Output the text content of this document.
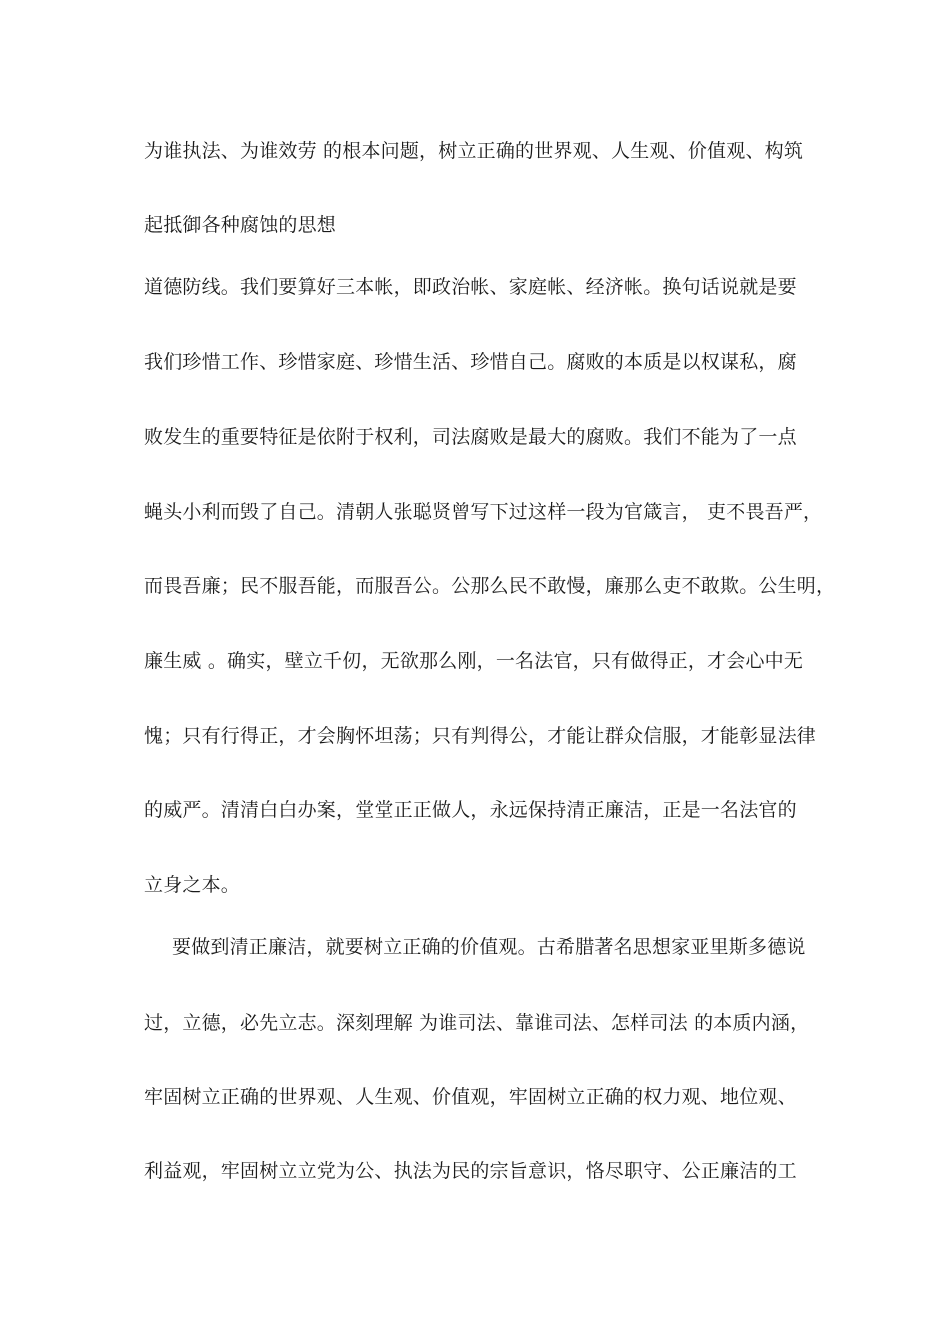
为谁执法、为谁效劳 的根本问题，树立正确的世界观、人生观、价值观、构筑
起抵御各种腐蚀的思想
道德防线。我们要算好三本帐，即政治帐、家庭帐、经济帐。换句话说就是要
我们珍惜工作、珍惜家庭、珍惜生活、珍惜自己。腐败的本质是以权谋私，腐
败发生的重要特征是依附于权利，司法腐败是最大的腐败。我们不能为了一点
蝇头小利而毁了自己。清朝人张聪贤曾写下过这样一段为官箴言， 吏不畏吾严，
而畏吾廉；民不服吾能，而服吾公。公那么民不敢慢，廉那么吏不敢欺。公生明，
廉生威 。确实，壁立千仞，无欲那么刚，一名法官，只有做得正，才会心中无
愧；只有行得正，才会胸怀坦荡；只有判得公，才能让群众信服，才能彰显法律
的威严。清清白白办案，堂堂正正做人，永远保持清正廉洁，正是一名法官的
立身之本。
要做到清正廉洁，就要树立正确的价值观。古希腊著名思想家亚里斯多德说
过，立德，必先立志。深刻理解 为谁司法、靠谁司法、怎样司法 的本质内涵，
牢固树立正确的世界观、人生观、价值观，牢固树立正确的权力观、地位观、
利益观，牢固树立立党为公、执法为民的宗旨意识，恪尽职守、公正廉洁的工
